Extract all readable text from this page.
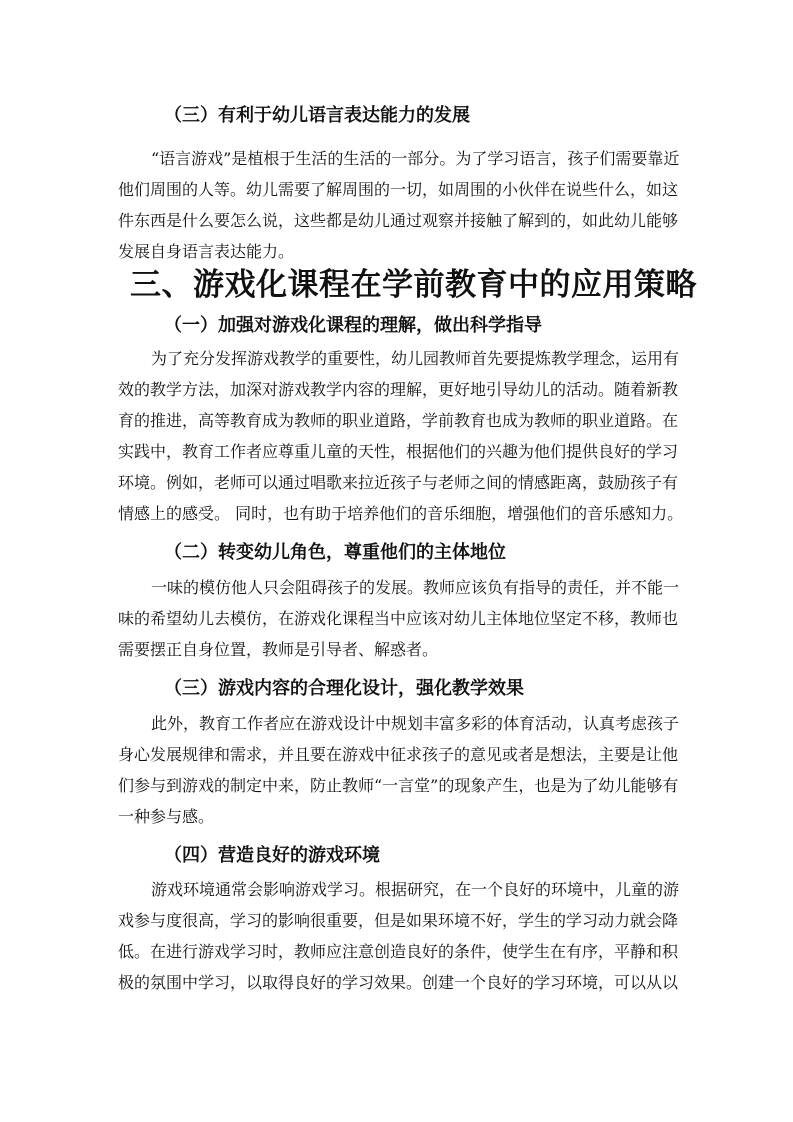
（三）有利于幼儿语言表达能力的发展
“语言游戏”是植根于生活的生活的一部分。为了学习语言，孩子们需要靠近
他们周围的人等。幼儿需要了解周围的一切，如周围的小伙伴在说些什么，如这
件东西是什么要怎么说，这些都是幼儿通过观察并接触了解到的，如此幼儿能够
发展自身语言表达能力。
三、游戏化课程在学前教育中的应用策略
（一）加强对游戏化课程的理解，做出科学指导
为了充分发挥游戏教学的重要性，幼儿园教师首先要提炼教学理念，运用有
效的教学方法，加深对游戏教学内容的理解，更好地引导幼儿的活动。随着新教
育的推进，高等教育成为教师的职业道路，学前教育也成为教师的职业道路。在
实践中，教育工作者应尊重儿童的天性，根据他们的兴趣为他们提供良好的学习
环境。例如，老师可以通过唱歌来拉近孩子与老师之间的情感距离，鼓励孩子有
情感上的感受。 同时，也有助于培养他们的音乐细胞，增强他们的音乐感知力。
（二）转变幼儿角色，尊重他们的主体地位
一味的模仿他人只会阻碍孩子的发展。教师应该负有指导的责任，并不能一
味的希望幼儿去模仿，在游戏化课程当中应该对幼儿主体地位坚定不移，教师也
需要摆正自身位置，教师是引导者、解惑者。
（三）游戏内容的合理化设计，强化教学效果
此外，教育工作者应在游戏设计中规划丰富多彩的体育活动，认真考虑孩子
身心发展规律和需求，并且要在游戏中征求孩子的意见或者是想法，主要是让他
们参与到游戏的制定中来，防止教师“一言堂”的现象产生，也是为了幼儿能够有
一种参与感。
（四）营造良好的游戏环境
游戏环境通常会影响游戏学习。根据研究，在一个良好的环境中，儿童的游
戏参与度很高，学习的影响很重要，但是如果环境不好，学生的学习动力就会降
低。在进行游戏学习时，教师应注意创造良好的条件，使学生在有序，平静和积
极的氛围中学习，以取得良好的学习效果。创建一个良好的学习环境，可以从以
